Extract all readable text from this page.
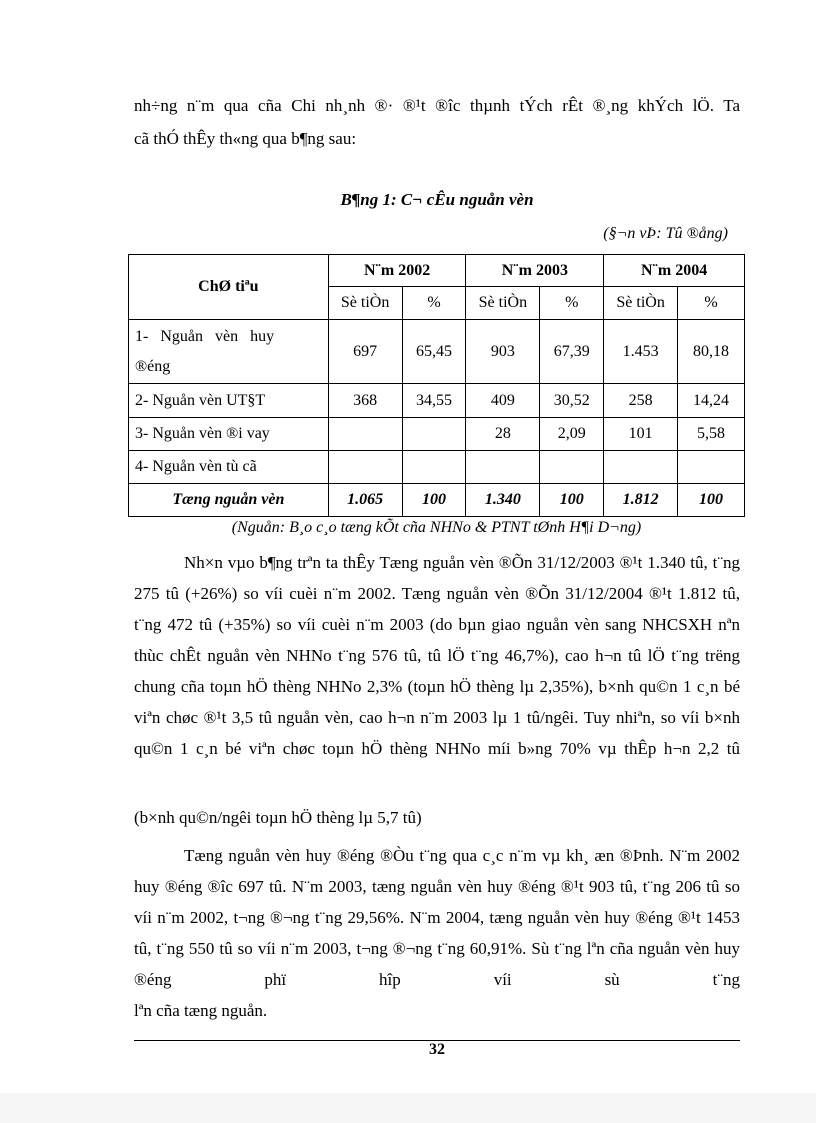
nh÷ng n¨m qua cña Chi nh¸nh ®· ®¹t ®îc thµnh tÝch rÊt ®¸ng khÝch lÖ. Ta

cã thÓ thÊy th«ng qua b¶ng sau:

B¶ng 1: C¬ cÊu nguån vèn
(§¬n vÞ: Tû ®ång)
ChØ tiªu	N¨m 2002		N¨m 2003		N¨m 2004	
	Sè tiÒn	%	Sè tiÒn	%	Sè tiÒn	%

1-   Nguån   vèn   huy
®éng	697	65,45	903	67,39	1.453	80,18
2- Nguån vèn UT§T	368	34,55	409	30,52	258	14,24
3- Nguån vèn ®i vay			28	2,09	101	5,58
4- Nguån vèn tù cã						
Tæng nguån vèn	1.065	100	1.340	100	1.812	100
(Nguån: B¸o c¸o tæng kÕt cña NHNo & PTNT tØnh H¶i D¬ng)

Nh×n vµo b¶ng trªn ta thÊy Tæng nguån vèn ®Õn 31/12/2003 ®¹t 1.340 tû, t¨ng 275 tû (+26%) so víi cuèi n¨m 2002. Tæng nguån vèn ®Õn 31/12/2004 ®¹t 1.812 tû, t¨ng 472 tû (+35%) so víi cuèi n¨m 2003 (do bµn giao nguån vèn sang NHCSXH nªn thùc chÊt nguån vèn NHNo t¨ng 576 tû, tû lÖ t¨ng 46,7%), cao h¬n tû lÖ t¨ng trëng chung cña toµn hÖ thèng NHNo 2,3% (toµn hÖ thèng lµ 2,35%), b×nh qu©n 1 c¸n bé viªn chøc ®¹t 3,5 tû nguån vèn, cao h¬n n¨m 2003 lµ 1 tû/ngêi. Tuy nhiªn, so víi b×nh qu©n 1 c¸n bé viªn chøc toµn hÖ thèng NHNo míi b»ng 70% vµ thÊp h¬n 2,2 tû

(b×nh qu©n/ngêi toµn hÖ thèng lµ 5,7 tû)

Tæng nguån vèn huy ®éng ®Òu t¨ng qua c¸c n¨m vµ kh¸ æn ®Þnh. N¨m 2002 huy ®éng ®îc 697 tû. N¨m 2003, tæng nguån vèn huy ®éng ®¹t 903 tû, t¨ng 206 tû so víi n¨m 2002, t¬ng ®¬ng t¨ng 29,56%. N¨m 2004, tæng nguån vèn huy ®éng ®¹t 1453 tû, t¨ng 550 tû so víi n¨m 2003, t¬ng ®¬ng t¨ng 60,91%. Sù t¨ng lªn cña nguån vèn huy ®éng phï hîp víi sù t¨ng

lªn cña tæng nguån.

32
